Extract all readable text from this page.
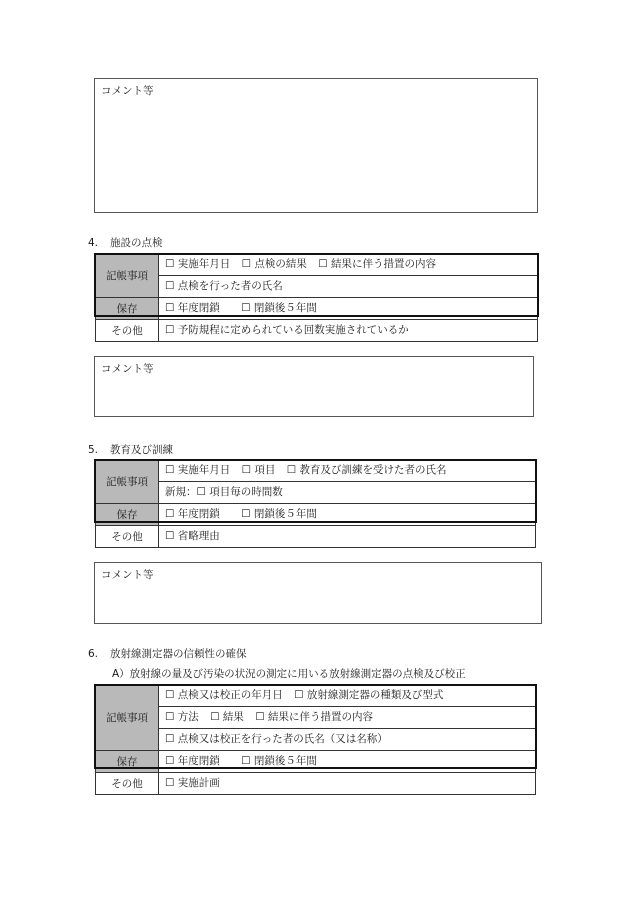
コメント等
4. 施設の点検
記帳事項	☐ 実施年月日 ☐ 点検の結果 ☐ 結果に伴う措置の内容

	☐ 点検を行った者の氏名

保存	☐ 年度閉鎖 ☐ 閉鎖後５年間

その他	☐ 予防規程に定められている回数実施されているか
コメント等
5. 教育及び訓練
記帳事項	☐ 実施年月日 ☐ 項目 ☐ 教育及び訓練を受けた者の氏名

	新規：☐ 項目毎の時間数

保存	☐ 年度閉鎖 ☐ 閉鎖後５年間

その他	☐ 省略理由
コメント等
6. 放射線測定器の信頼性の確保
A）放射線の量及び汚染の状況の測定に用いる放射線測定器の点検及び校正
記帳事項	☐ 点検又は校正の年月日 ☐ 放射線測定器の種類及び型式

	☐ 方法 ☐ 結果 ☐ 結果に伴う措置の内容

	☐ 点検又は校正を行った者の氏名（又は名称）

保存	☐ 年度閉鎖 ☐ 閉鎖後５年間

その他	☐ 実施計画
